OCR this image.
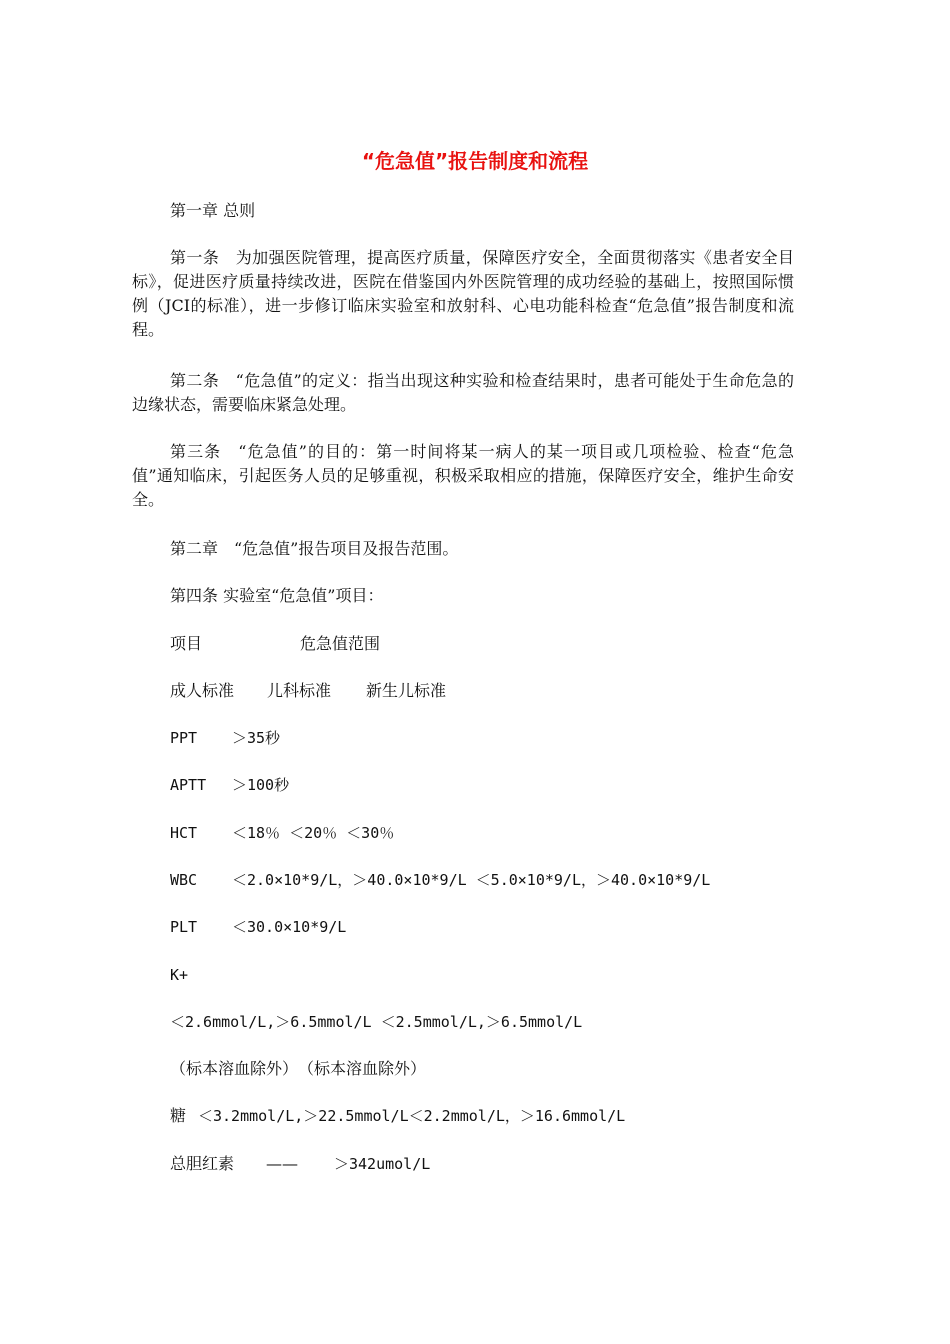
“危急值”报告制度和流程
第一章 总则
第一条　为加强医院管理，提高医疗质量，保障医疗安全，全面贯彻落实《患者安全目标》，促进医疗质量持续改进，医院在借鉴国内外医院管理的成功经验的基础上，按照国际惯例（JCI的标准），进一步修订临床实验室和放射科、心电功能科检查“危急值”报告制度和流程。
第二条　“危急值”的定义：指当出现这种实验和检查结果时，患者可能处于生命危急的边缘状态，需要临床紧急处理。
第三条　“危急值”的目的：第一时间将某一病人的某一项目或几项检验、检查“危急值”通知临床，引起医务人员的足够重视，积极采取相应的措施，保障医疗安全，维护生命安全。
第二章　“危急值”报告项目及报告范围。
第四条 实验室“危急值”项目：
项目	危急值范围
成人标准 儿科标准 新生儿标准
PPT ＞35秒
APTT ＞100秒
HCT ＜18％ ＜20％ ＜30％
WBC ＜2.0×10*9/L，＞40.0×10*9/L ＜5.0×10*9/L，＞40.0×10*9/L
PLT ＜30.0×10*9/L
K+
＜2.6mmol/L,＞6.5mmol/L ＜2.5mmol/L,＞6.5mmol/L
（标本溶血除外）　（标本溶血除外）
糖 ＜3.2mmol/L,＞22.5mmol/L＜2.2mmol/L，＞16.6mmol/L
总胆红素 —— ＞342umol/L
